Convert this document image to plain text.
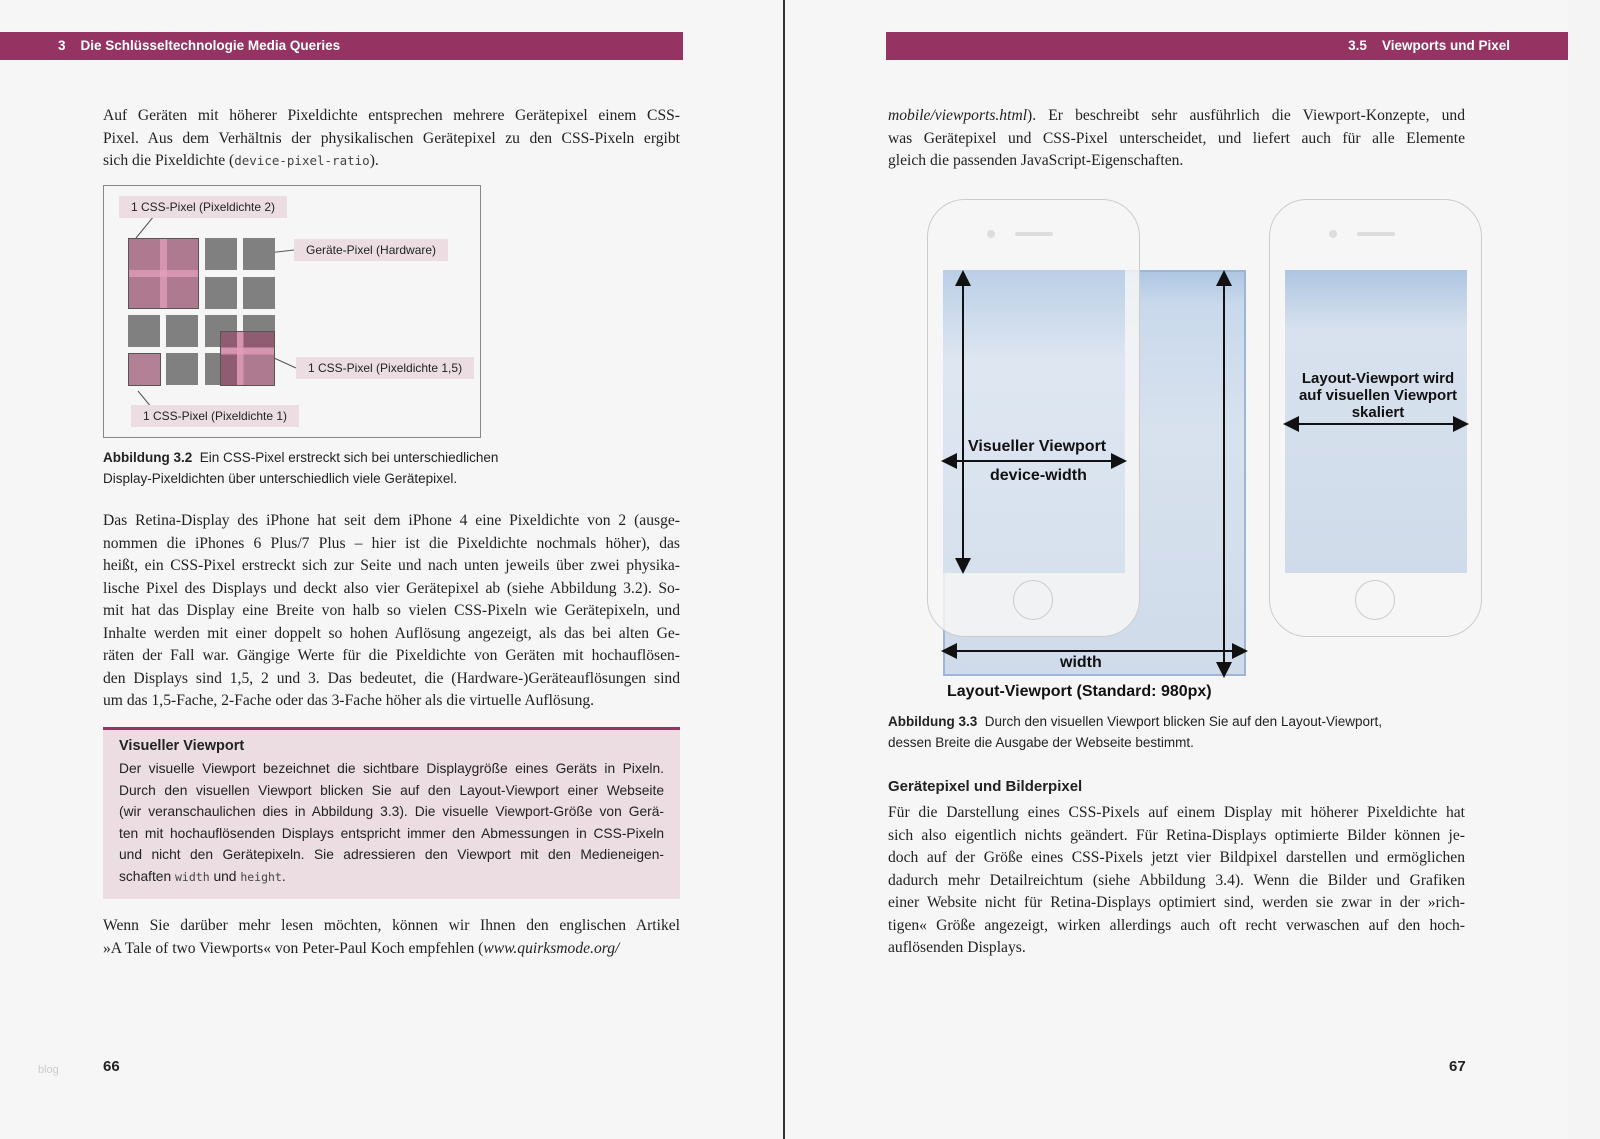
3 Die Schlüsseltechnologie Media Queries	3.5 Viewports und Pixel
Auf Geräten mit höherer Pixeldichte entsprechen mehrere Gerätepixel einem CSS-
Pixel. Aus dem Verhältnis der physikalischen Gerätepixel zu den CSS-Pixeln ergibt
sich die Pixeldichte (device-pixel-ratio).
1 CSS-Pixel (Pixeldichte 2)
Geräte-Pixel (Hardware)
1 CSS-Pixel (Pixeldichte 1,5)
1 CSS-Pixel (Pixeldichte 1)
Abbildung 3.2 Ein CSS-Pixel erstreckt sich bei unterschiedlichen
Display-Pixeldichten über unterschiedlich viele Gerätepixel.
Das Retina-Display des iPhone hat seit dem iPhone 4 eine Pixeldichte von 2 (ausge-
nommen die iPhones 6 Plus/7 Plus – hier ist die Pixeldichte nochmals höher), das
heißt, ein CSS-Pixel erstreckt sich zur Seite und nach unten jeweils über zwei physika-
lische Pixel des Displays und deckt also vier Gerätepixel ab (siehe Abbildung 3.2). So-
mit hat das Display eine Breite von halb so vielen CSS-Pixeln wie Gerätepixeln, und
Inhalte werden mit einer doppelt so hohen Auflösung angezeigt, als das bei alten Ge-
räten der Fall war. Gängige Werte für die Pixeldichte von Geräten mit hochauflösen-
den Displays sind 1,5, 2 und 3. Das bedeutet, die (Hardware-)Geräteauflösungen sind
um das 1,5-Fache, 2-Fache oder das 3-Fache höher als die virtuelle Auflösung.
Visueller Viewport
Der visuelle Viewport bezeichnet die sichtbare Displaygröße eines Geräts in Pixeln.
Durch den visuellen Viewport blicken Sie auf den Layout-Viewport einer Webseite
(wir veranschaulichen dies in Abbildung 3.3). Die visuelle Viewport-Größe von Gerä-
ten mit hochauflösenden Displays entspricht immer den Abmessungen in CSS-Pixeln
und nicht den Gerätepixeln. Sie adressieren den Viewport mit den Medieneigen-
schaften width und height.
Wenn Sie darüber mehr lesen möchten, können wir Ihnen den englischen Artikel
»A Tale of two Viewports« von Peter-Paul Koch empfehlen (www.quirksmode.org/
66
blog
mobile/viewports.html). Er beschreibt sehr ausführlich die Viewport-Konzepte, und
was Gerätepixel und CSS-Pixel unterscheidet, und liefert auch für alle Elemente
gleich die passenden JavaScript-Eigenschaften.
Visueller Viewport
device-width
width
Layout-Viewport (Standard: 980px)
Layout-Viewport wird auf visuellen Viewport skaliert
Abbildung 3.3 Durch den visuellen Viewport blicken Sie auf den Layout-Viewport,
dessen Breite die Ausgabe der Webseite bestimmt.
Gerätepixel und Bilderpixel
Für die Darstellung eines CSS-Pixels auf einem Display mit höherer Pixeldichte hat
sich also eigentlich nichts geändert. Für Retina-Displays optimierte Bilder können je-
doch auf der Größe eines CSS-Pixels jetzt vier Bildpixel darstellen und ermöglichen
dadurch mehr Detailreichtum (siehe Abbildung 3.4). Wenn die Bilder und Grafiken
einer Website nicht für Retina-Displays optimiert sind, werden sie zwar in der »rich-
tigen« Größe angezeigt, wirken allerdings auch oft recht verwaschen auf den hoch-
auflösenden Displays.
67
